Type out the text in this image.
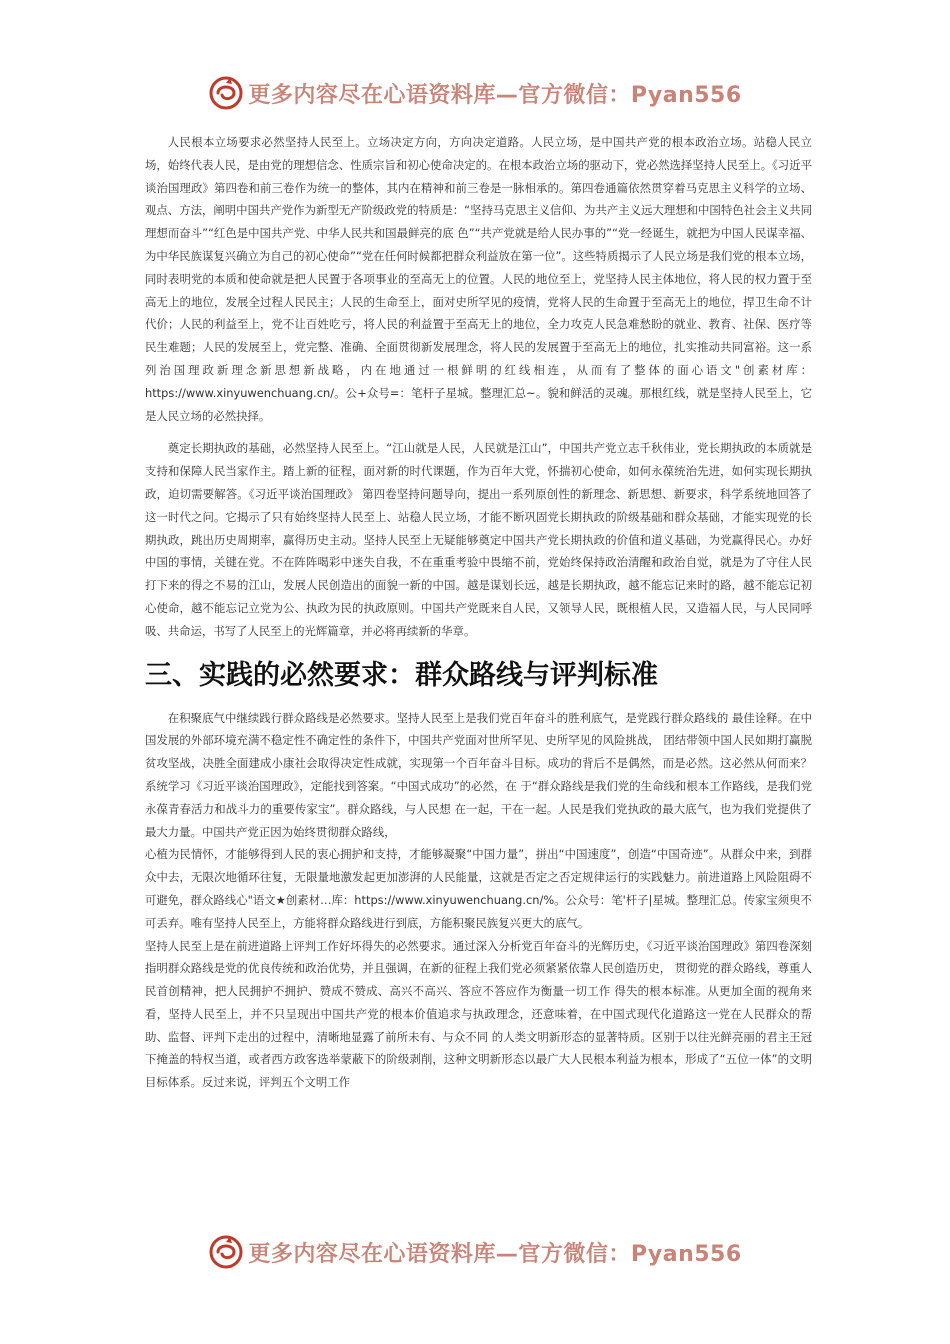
更多内容尽在心语资料库—官方微信：Pyan556

人民根本立场要求必然坚持人民至上。立场决定方向，方向决定道路。人民立场，是中国共产党的根本政治立场。站稳人民立场，始终代表人民，是由党的理想信念、性质宗旨和初心使命决定的。在根本政治立场的驱动下，党必然选择坚持人民至上。《习近平谈治国理政》第四卷和前三卷作为统一的整体，其内在精神和前三卷是一脉相承的。第四卷通篇依然贯穿着马克思主义科学的立场、观点、方法，阐明中国共产党作为新型无产阶级政党的特质是：“坚持马克思主义信仰、为共产主义远大理想和中国特色社会主义共同理想而奋斗”“红色是中国共产党、中华人民共和国最鲜亮的底 色”“共产党就是给人民办事的”“党一经诞生，就把为中国人民谋幸福、为中华民族谋复兴确立为自己的初心使命”“党在任何时候都把群众利益放在第一位”。这些特质揭示了人民立场是我们党的根本立场，同时表明党的本质和使命就是把人民置于各项事业的至高无上的位置。人民的地位至上，党坚持人民主体地位，将人民的权力置于至高无上的地位，发展全过程人民民主；人民的生命至上，面对史所罕见的疫情，党将人民的生命置于至高无上的地位，捍卫生命不计代价；人民的利益至上，党不让百姓吃亏，将人民的利益置于至高无上的地位，全力攻克人民急难愁盼的就业、教育、社保、医疗等民生难题；人民的发展至上，党完整、准确、全面贯彻新发展理念，将人民的发展置于至高无上的地位，扎实推动共同富裕。这一系列治国理政新理念新思想新战略，内在地通过一根鲜明的红线相连，从而有了整体的面心语文"创素材库：https://www.xinyuwenchuang.cn/。公+众号=：笔杆子星城。整理汇总~。貌和鲜活的灵魂。那根红线，就是坚持人民至上，它是人民立场的必然抉择。

奠定长期执政的基础，必然坚持人民至上。“江山就是人民，人民就是江山”，中国共产党立志千秋伟业，党长期执政的本质就是支持和保障人民当家作主。踏上新的征程，面对新的时代课题，作为百年大党，怀揣初心使命，如何永葆统治先进，如何实现长期执政，迫切需要解答。《习近平谈治国理政》 第四卷坚持问题导向，提出一系列原创性的新理念、新思想、新要求，科学系统地回答了这一时代之问。它揭示了只有始终坚持人民至上、站稳人民立场，才能不断巩固党长期执政的阶级基础和群众基础，才能实现党的长期执政，跳出历史周期率，赢得历史主动。坚持人民至上无疑能够奠定中国共产党长期执政的价值和道义基础，为党赢得民心。办好中国的事情，关键在党。不在阵阵喝彩中迷失自我，不在重重考验中畏缩不前，党始终保持政治清醒和政治自觉，就是为了守住人民打下来的得之不易的江山，发展人民创造出的面貌一新的中国。越是谋划长远，越是长期执政，越不能忘记来时的路，越不能忘记初心使命，越不能忘记立党为公、执政为民的执政原则。中国共产党既来自人民，又领导人民，既根植人民，又造福人民，与人民同呼吸、共命运，书写了人民至上的光辉篇章，并必将再续新的华章。

三、实践的必然要求：群众路线与评判标准

在积聚底气中继续践行群众路线是必然要求。坚持人民至上是我们党百年奋斗的胜利底气，是党践行群众路线的 最佳诠释。在中国发展的外部环境充满不稳定性不确定性的条件下，中国共产党面对世所罕见、史所罕见的风险挑战， 团结带领中国人民如期打赢脱贫攻坚战，决胜全面建成小康社会取得决定性成就，实现第一个百年奋斗目标。成功的背后不是偶然，而是必然。这必然从何而来？系统学习《习近平谈治国理政》，定能找到答案。“中国式成功”的必然，在 于“群众路线是我们党的生命线和根本工作路线，是我们党永葆青春活力和战斗力的重要传家宝”。群众路线，与人民想 在一起，干在一起。人民是我们党执政的最大底气，也为我们党提供了最大力量。中国共产党正因为始终贯彻群众路线，

心植为民情怀，才能够得到人民的衷心拥护和支持，才能够凝聚“中国力量”，拼出“中国速度”，创造“中国奇迹”。从群众中来，到群众中去，无限次地循环往复，无限量地激发起更加澎湃的人民能量，这就是否定之否定规律运行的实践魅力。前进道路上风险阻碍不可避免，群众路线心"语文★创素材…库：https://www.xinyuwenchuang.cn/%。公众号：笔'杆子|星城。整理汇总。传家宝须臾不可丢弃。唯有坚持人民至上，方能将群众路线进行到底，方能积聚民族复兴更大的底气。

坚持人民至上是在前进道路上评判工作好坏得失的必然要求。通过深入分析党百年奋斗的光辉历史，《习近平谈治国理政》第四卷深刻指明群众路线是党的优良传统和政治优势，并且强调，在新的征程上我们党必须紧紧依靠人民创造历史， 贯彻党的群众路线，尊重人民首创精神，把人民拥护不拥护、赞成不赞成、高兴不高兴、答应不答应作为衡量一切工作 得失的根本标准。从更加全面的视角来看，坚持人民至上，并不只呈现出中国共产党的根本价值追求与执政理念，还意味着，在中国式现代化道路这一党在人民群众的帮助、监督、评判下走出的过程中，清晰地显露了前所未有、与众不同 的人类文明新形态的显著特质。区别于以往光鲜亮丽的君主王冠下掩盖的特权当道，或者西方政客选举蒙蔽下的阶级剥削，这种文明新形态以最广大人民根本利益为根本，形成了“五位一体”的文明目标体系。反过来说，评判五个文明工作

更多内容尽在心语资料库—官方微信：Pyan556
